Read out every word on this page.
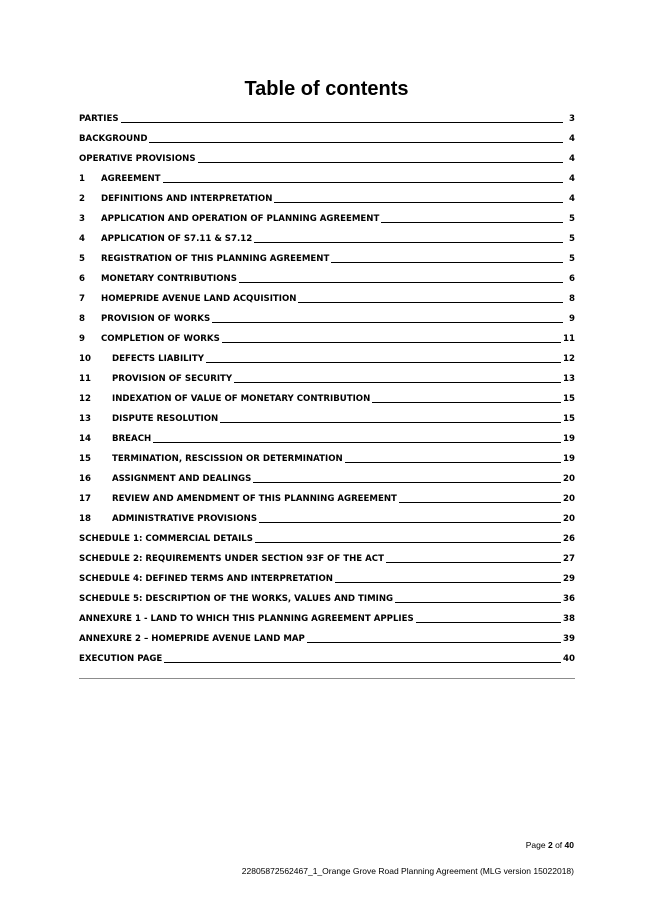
Table of contents
PARTIES	3
BACKGROUND	4
OPERATIVE PROVISIONS	4
1	AGREEMENT	4
2	DEFINITIONS AND INTERPRETATION	4
3	APPLICATION AND OPERATION OF PLANNING AGREEMENT	5
4	APPLICATION OF S7.11 & S7.12	5
5	REGISTRATION OF THIS PLANNING AGREEMENT	5
6	MONETARY CONTRIBUTIONS	6
7	HOMEPRIDE AVENUE LAND ACQUISITION	8
8	PROVISION OF WORKS	9
9	COMPLETION OF WORKS	11
10	DEFECTS LIABILITY	12
11	PROVISION OF SECURITY	13
12	INDEXATION OF VALUE OF MONETARY CONTRIBUTION	15
13	DISPUTE RESOLUTION	15
14	BREACH	19
15	TERMINATION, RESCISSION OR DETERMINATION	19
16	ASSIGNMENT AND DEALINGS	20
17	REVIEW AND AMENDMENT OF THIS PLANNING AGREEMENT	20
18	ADMINISTRATIVE PROVISIONS	20
SCHEDULE 1: COMMERCIAL DETAILS	26
SCHEDULE 2: REQUIREMENTS UNDER SECTION 93F OF THE ACT	27
SCHEDULE 4: DEFINED TERMS AND INTERPRETATION	29
SCHEDULE 5: DESCRIPTION OF THE WORKS, VALUES AND TIMING	36
ANNEXURE 1 - LAND TO WHICH THIS PLANNING AGREEMENT APPLIES	38
ANNEXURE 2 – HOMEPRIDE AVENUE LAND MAP	39
EXECUTION PAGE	40
Page 2 of 40
22805872562467_1_Orange Grove Road Planning Agreement (MLG version 15022018)
